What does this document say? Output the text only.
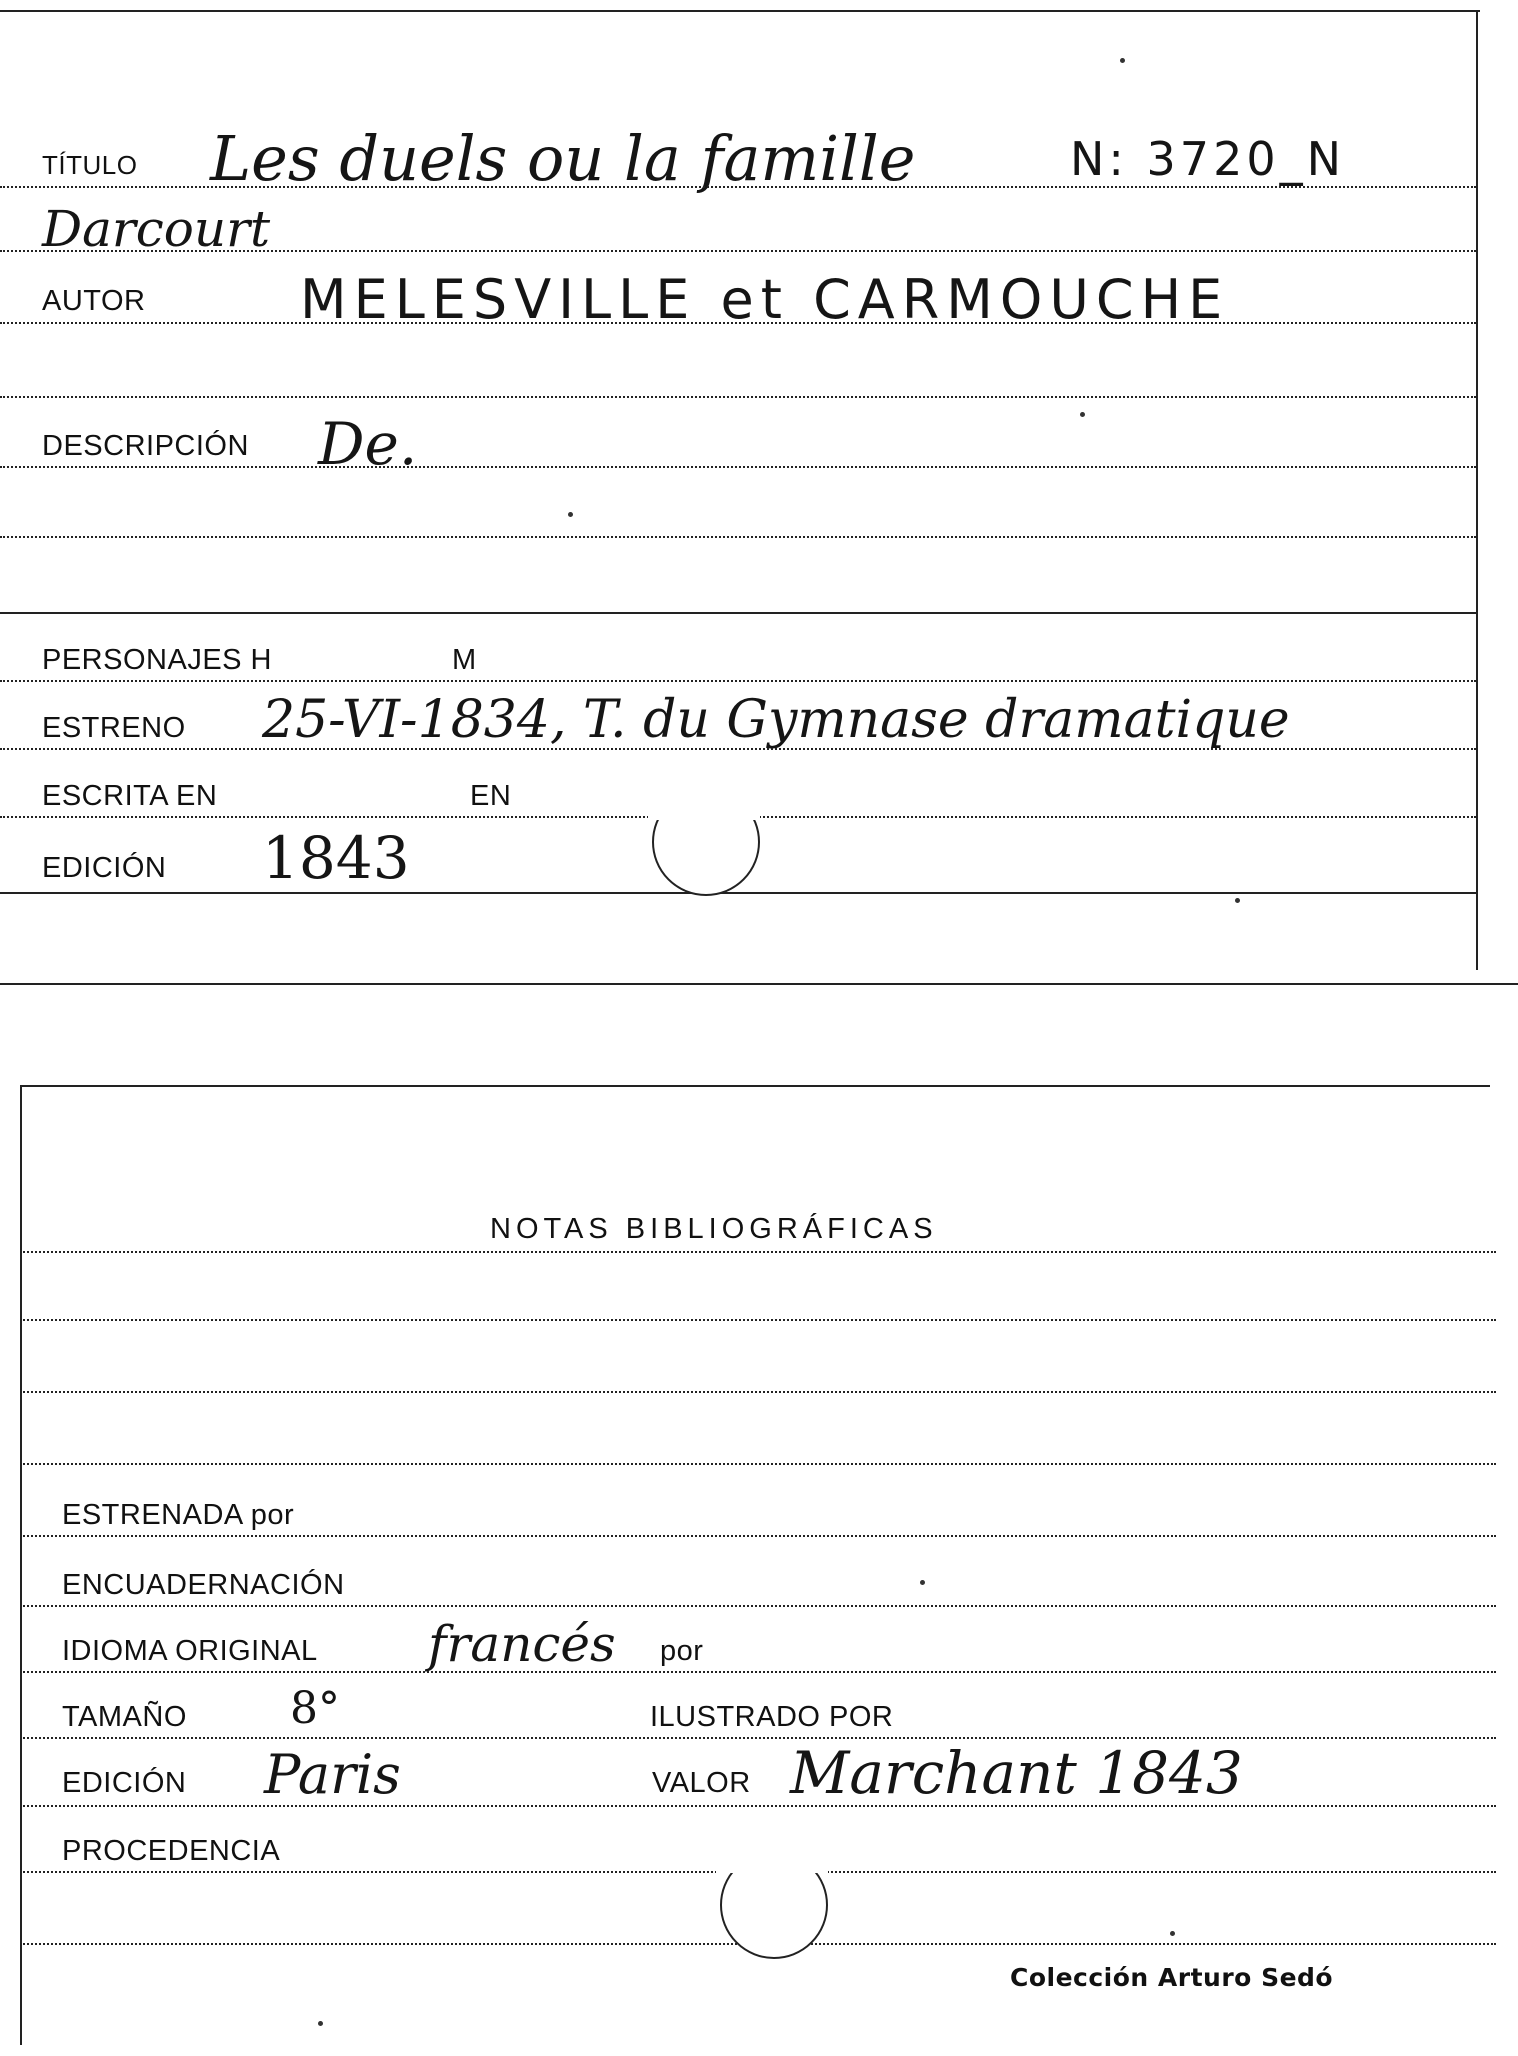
TÍTULO Les duels ou la famille	N: 3720_N
Darcourt
AUTOR	MELESVILLE et CARMOUCHE
DESCRIPCIÓN De.
PERSONAJES H	M
ESTRENO 25-VI-1834, T. du Gymnase dramatique
ESCRITA EN	EN
EDICIÓN 1843
NOTAS BIBLIOGRÁFICAS
ESTRENADA por
ENCUADERNACIÓN
IDIOMA ORIGINAL francés por
TAMAÑO 8°	ILUSTRADO POR
EDICIÓN Paris	VALOR Marchant 1843
PROCEDENCIA
Colección Arturo Sedó
